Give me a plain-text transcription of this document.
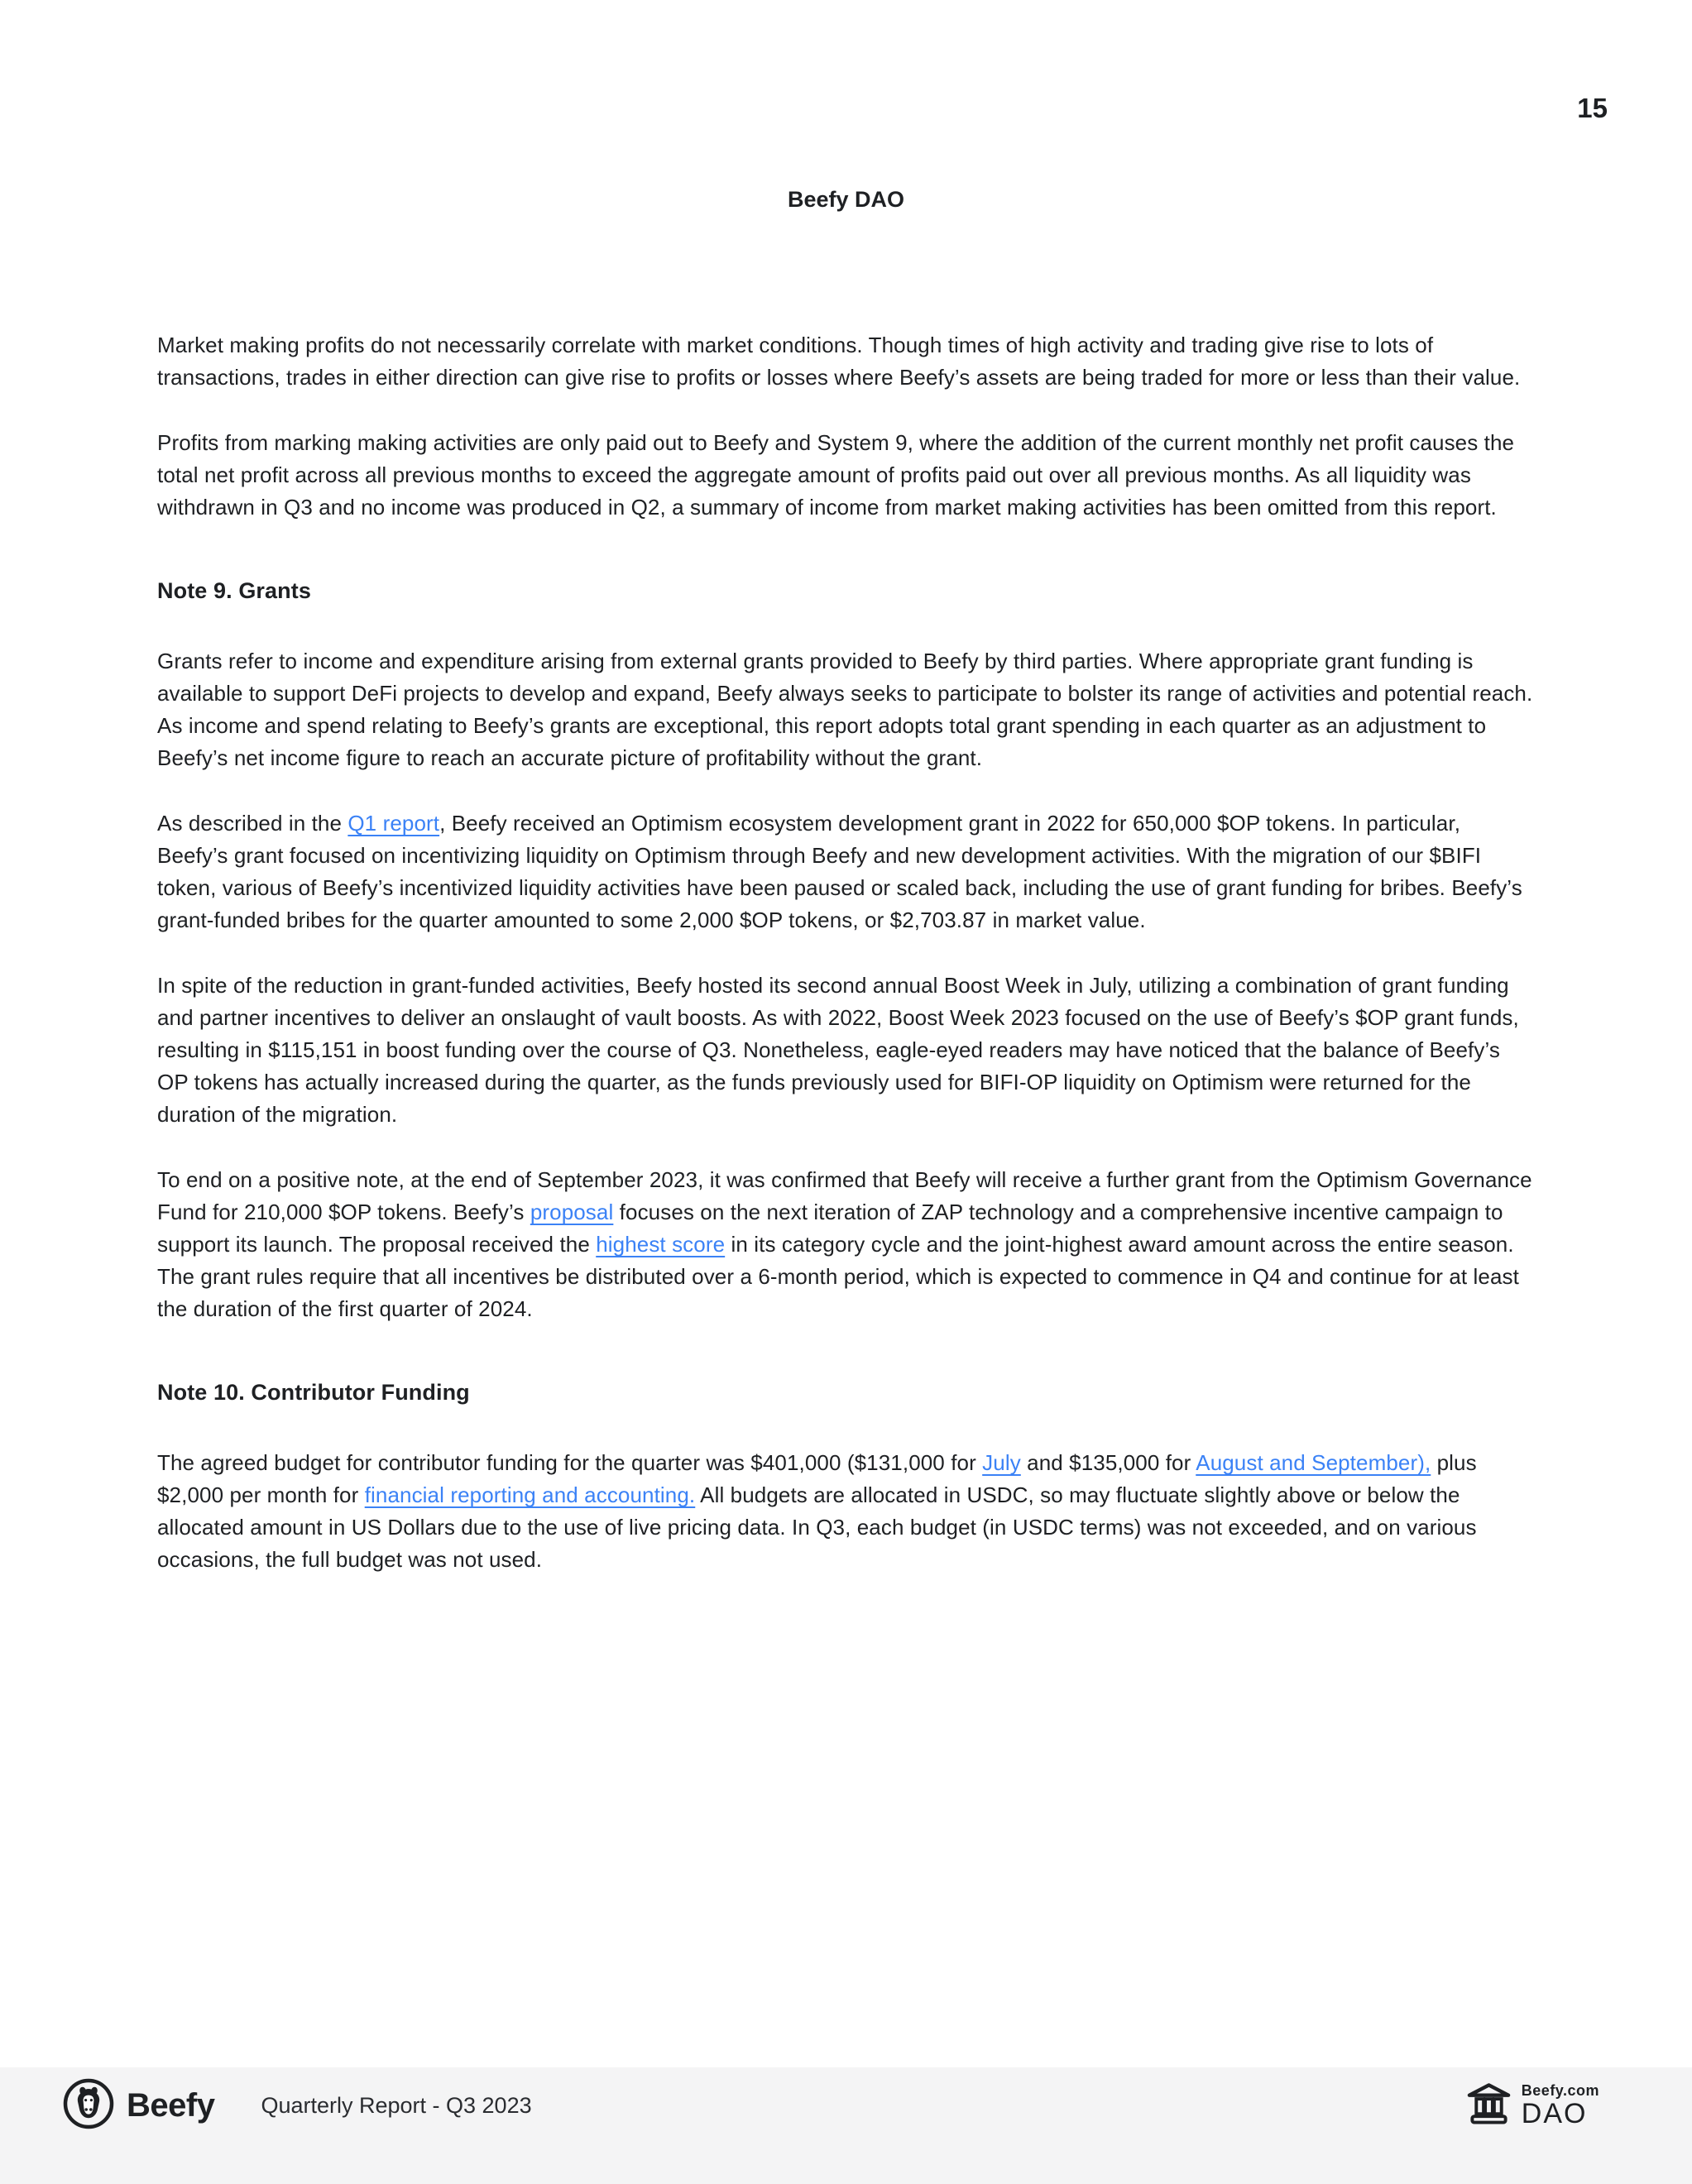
15
Beefy DAO

Market making profits do not necessarily correlate with market conditions. Though times of high activity and trading give rise to lots of transactions, trades in either direction can give rise to profits or losses where Beefy’s assets are being traded for more or less than their value.

Profits from marking making activities are only paid out to Beefy and System 9, where the addition of the current monthly net profit causes the total net profit across all previous months to exceed the aggregate amount of profits paid out over all previous months. As all liquidity was withdrawn in Q3 and no income was produced in Q2, a summary of income from market making activities has been omitted from this report.

Note 9. Grants

Grants refer to income and expenditure arising from external grants provided to Beefy by third parties. Where appropriate grant funding is available to support DeFi projects to develop and expand, Beefy always seeks to participate to bolster its range of activities and potential reach. As income and spend relating to Beefy’s grants are exceptional, this report adopts total grant spending in each quarter as an adjustment to Beefy’s net income figure to reach an accurate picture of profitability without the grant.

As described in the Q1 report, Beefy received an Optimism ecosystem development grant in 2022 for 650,000 $OP tokens. In particular, Beefy’s grant focused on incentivizing liquidity on Optimism through Beefy and new development activities. With the migration of our $BIFI token, various of Beefy’s incentivized liquidity activities have been paused or scaled back, including the use of grant funding for bribes. Beefy’s grant-funded bribes for the quarter amounted to some 2,000 $OP tokens, or $2,703.87 in market value.

In spite of the reduction in grant-funded activities, Beefy hosted its second annual Boost Week in July, utilizing a combination of grant funding and partner incentives to deliver an onslaught of vault boosts. As with 2022, Boost Week 2023 focused on the use of Beefy’s $OP grant funds, resulting in $115,151 in boost funding over the course of Q3. Nonetheless, eagle-eyed readers may have noticed that the balance of Beefy’s OP tokens has actually increased during the quarter, as the funds previously used for BIFI-OP liquidity on Optimism were returned for the duration of the migration.

To end on a positive note, at the end of September 2023, it was confirmed that Beefy will receive a further grant from the Optimism Governance Fund for 210,000 $OP tokens. Beefy’s proposal focuses on the next iteration of ZAP technology and a comprehensive incentive campaign to support its launch. The proposal received the highest score in its category cycle and the joint-highest award amount across the entire season. The grant rules require that all incentives be distributed over a 6-month period, which is expected to commence in Q4 and continue for at least the duration of the first quarter of 2024.

Note 10. Contributor Funding

The agreed budget for contributor funding for the quarter was $401,000 ($131,000 for July and $135,000 for August and September), plus $2,000 per month for financial reporting and accounting. All budgets are allocated in USDC, so may fluctuate slightly above or below the allocated amount in US Dollars due to the use of live pricing data. In Q3, each budget (in USDC terms) was not exceeded, and on various occasions, the full budget was not used.

Beefy Quarterly Report - Q3 2023
Beefy.com
DAO
